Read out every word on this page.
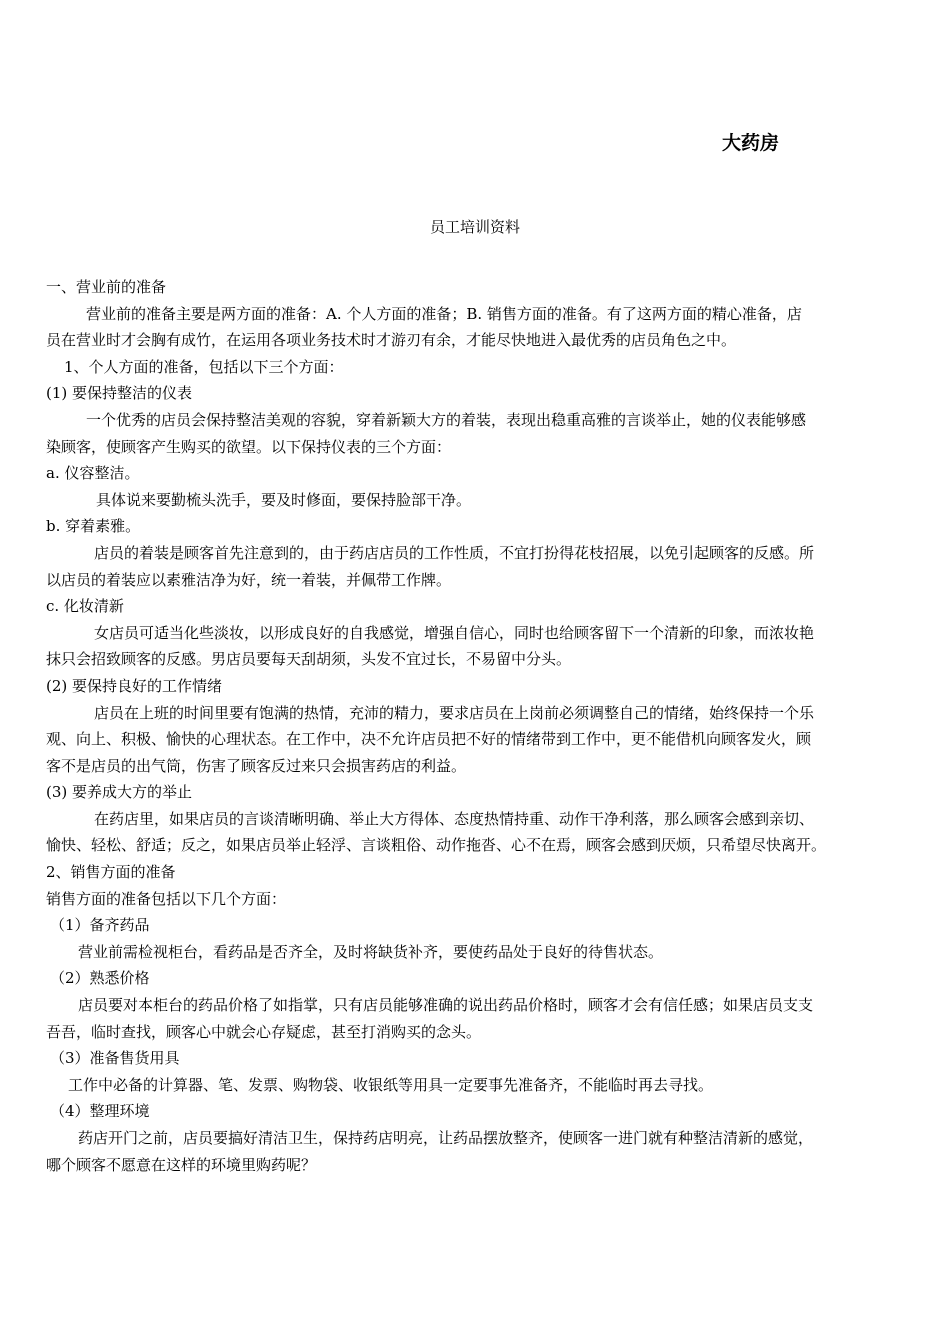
大药房
员工培训资料
一、营业前的准备
营业前的准备主要是两方面的准备：A. 个人方面的准备；B. 销售方面的准备。有了这两方面的精心准备，店
员在营业时才会胸有成竹，在运用各项业务技术时才游刃有余，才能尽快地进入最优秀的店员角色之中。
1、个人方面的准备，包括以下三个方面：
(1) 要保持整洁的仪表
一个优秀的店员会保持整洁美观的容貌，穿着新颖大方的着装，表现出稳重高雅的言谈举止，她的仪表能够感
染顾客，使顾客产生购买的欲望。以下保持仪表的三个方面：
a. 仪容整洁。
具体说来要勤梳头洗手，要及时修面，要保持脸部干净。
b. 穿着素雅。
店员的着装是顾客首先注意到的，由于药店店员的工作性质，不宜打扮得花枝招展，以免引起顾客的反感。所
以店员的着装应以素雅洁净为好，统一着装，并佩带工作牌。
c. 化妆清新
女店员可适当化些淡妆，以形成良好的自我感觉，增强自信心，同时也给顾客留下一个清新的印象，而浓妆艳
抹只会招致顾客的反感。男店员要每天刮胡须，头发不宜过长，不易留中分头。
(2) 要保持良好的工作情绪
店员在上班的时间里要有饱满的热情，充沛的精力，要求店员在上岗前必须调整自己的情绪，始终保持一个乐
观、向上、积极、愉快的心理状态。在工作中，决不允许店员把不好的情绪带到工作中，更不能借机向顾客发火，顾
客不是店员的出气筒，伤害了顾客反过来只会损害药店的利益。
(3) 要养成大方的举止
在药店里，如果店员的言谈清晰明确、举止大方得体、态度热情持重、动作干净利落，那么顾客会感到亲切、
愉快、轻松、舒适；反之，如果店员举止轻浮、言谈粗俗、动作拖沓、心不在焉，顾客会感到厌烦，只希望尽快离开。
2、销售方面的准备
销售方面的准备包括以下几个方面：
（1）备齐药品
营业前需检视柜台，看药品是否齐全，及时将缺货补齐，要使药品处于良好的待售状态。
（2）熟悉价格
店员要对本柜台的药品价格了如指掌，只有店员能够准确的说出药品价格时，顾客才会有信任感；如果店员支支
吾吾，临时查找，顾客心中就会心存疑虑，甚至打消购买的念头。
（3）准备售货用具
工作中必备的计算器、笔、发票、购物袋、收银纸等用具一定要事先准备齐，不能临时再去寻找。
（4）整理环境
药店开门之前，店员要搞好清洁卫生，保持药店明亮，让药品摆放整齐，使顾客一进门就有种整洁清新的感觉，
哪个顾客不愿意在这样的环境里购药呢？
